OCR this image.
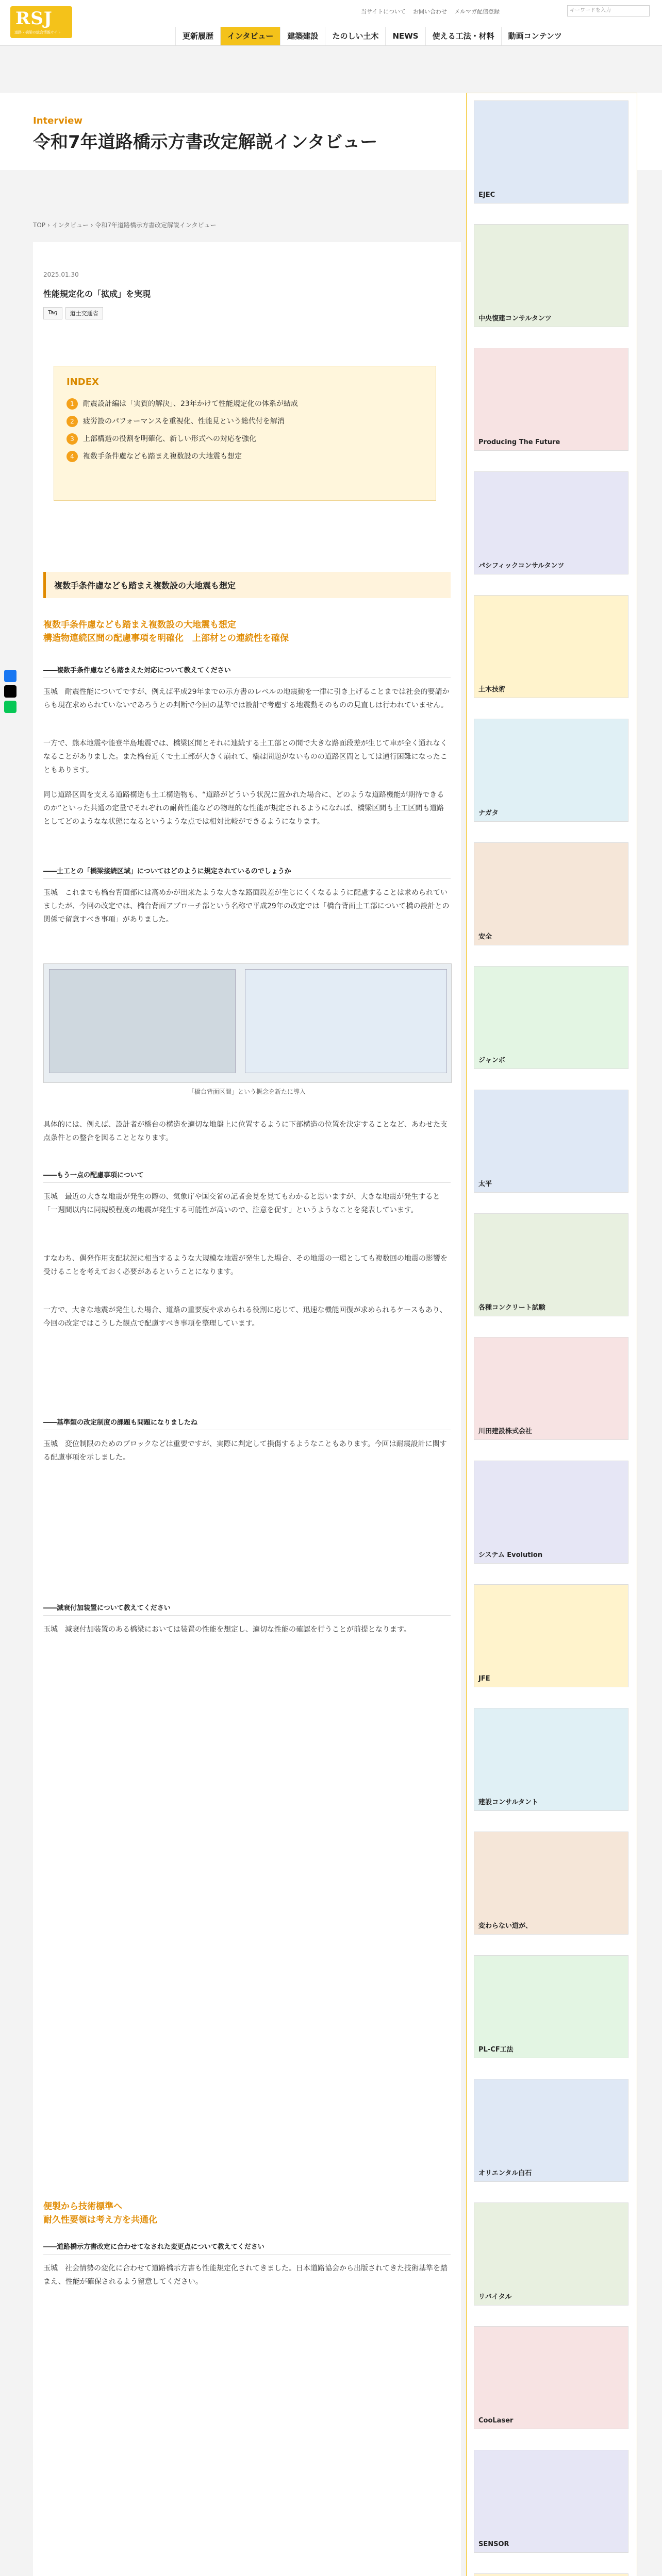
RSJ
道路・橋梁の総合情報サイト
当サイトについて お問い合わせ メルマガ配信登録	キーワードを入力
更新履歴	インタビュー	建築建設	たのしい土木	NEWS	使える工法・材料	動画コンテンツ
Interview
令和7年道路橋示方書改定解説インタビュー
TOP › インタビュー › 令和7年道路橋示方書改定解説インタビュー
2025.01.30
性能規定化の「拡成」を実現
Tag	道土交通省
INDEX
1 耐震設計編は「実質的解決」、23年かけて性能規定化の体系が結成
2 疲労設のパフォーマンスを重視化、性能見という総代付を解消
3 上部構造の役割を明確化、新しい形式への対応を強化
4 複数手条件慮なども踏まえ複数設の大地震も想定
複数手条件慮なども踏まえ複数設の大地震も想定
複数手条件慮なども踏まえ複数設の大地震も想定
構造物連続区間の配慮事項を明確化　上部材との連続性を確保
――複数手条件慮なども踏まえた対応について教えてください
玉城　耐震性能についてですが、例えば平成29年までの示方書のレベルの地震動を一律に引き上げることまでは社会的要請からも現在求められていないであろうとの判断で今回の基準では設計で考慮する地震動そのものの見直しは行われていません。
一方で、熊本地震や能登半島地震では、橋梁区間とそれに連続する土工部との間で大きな路面段差が生じて車が全く通れなくなることがありました。また橋台近くで土工部が大きく崩れて、橋は問題がないものの道路区間としては通行困難になったこともあります。
同じ道路区間を支える道路構造も土工構造物も、“道路がどういう状況に置かれた場合に、どのような道路機能が期待できるのか”といった共通の定量でそれぞれの耐荷性能などの物理的な性能が規定されるようになれば、橋梁区間も土工区間も道路としてどのようなな状態になるというような点では相対比較ができるようになります。
――土工との「橋梁接続区域」についてはどのように規定されているのでしょうか
玉城　これまでも橋台背面部には高めかが出来たような大きな路面段差が生じにくくなるように配慮することは求められていましたが、今回の改定では、橋台背面アプローチ部という名称で平成29年の改定では「橋台背面土工部について橋の設計との関係で留意すべき事項」がありました。
「橋台背面区間」という概念を新たに導入
具体的には、例えば、設計者が橋台の構造を適切な地盤上に位置するように下部構造の位置を決定することなど、あわせた支点条件との整合を図ることとなります。
――もう一点の配慮事項について
玉城　最近の大きな地震が発生の際の、気象庁や国交省の記者会見を見てもわかると思いますが、大きな地震が発生すると「一週間以内に同規模程度の地震が発生する可能性が高いので、注意を促す」というようなことを発表しています。
すなわち、偶発作用支配状況に相当するような大規模な地震が発生した場合、その地震の一環としても複数回の地震の影響を受けることを考えておく必要があるということになります。
一方で、大きな地震が発生した場合、道路の重要度や求められる役割に応じて、迅速な機能回復が求められるケースもあり、今回の改定ではこうした観点で配慮すべき事項を整理しています。
――基準類の改定制度の課題も問題になりましたね
玉城　変位制限のためのブロックなどは重要ですが、実際に判定して損傷するようなこともあります。今回は耐震設計に関する配慮事項を示しました。
――減衰付加装置について教えてください
玉城　減衰付加装置のある橋梁においては装置の性能を想定し、適切な性能の確認を行うことが前提となります。
便製から技術標準へ
耐久性要領は考え方を共通化
――道路橋示方書改定に合わせてなされた変更点について教えてください
玉城　社会情勢の変化に合わせて道路橋示方書も性能規定化されてきました。日本道路協会から出版されてきた技術基準を踏まえ、性能が確保されるよう留意してください。
EJEC
中央復建コンサルタンツ
Producing The Future
パシフィックコンサルタンツ
土木技術
ナガタ
安全
ジャンボ
太平
各種コンクリート試験
川田建設株式会社
システム Evolution
JFE
建設コンサルタント
変わらない道が、
PL-CF工法
オリエンタル白石
リバイタル
CooLaser
SENSOR
